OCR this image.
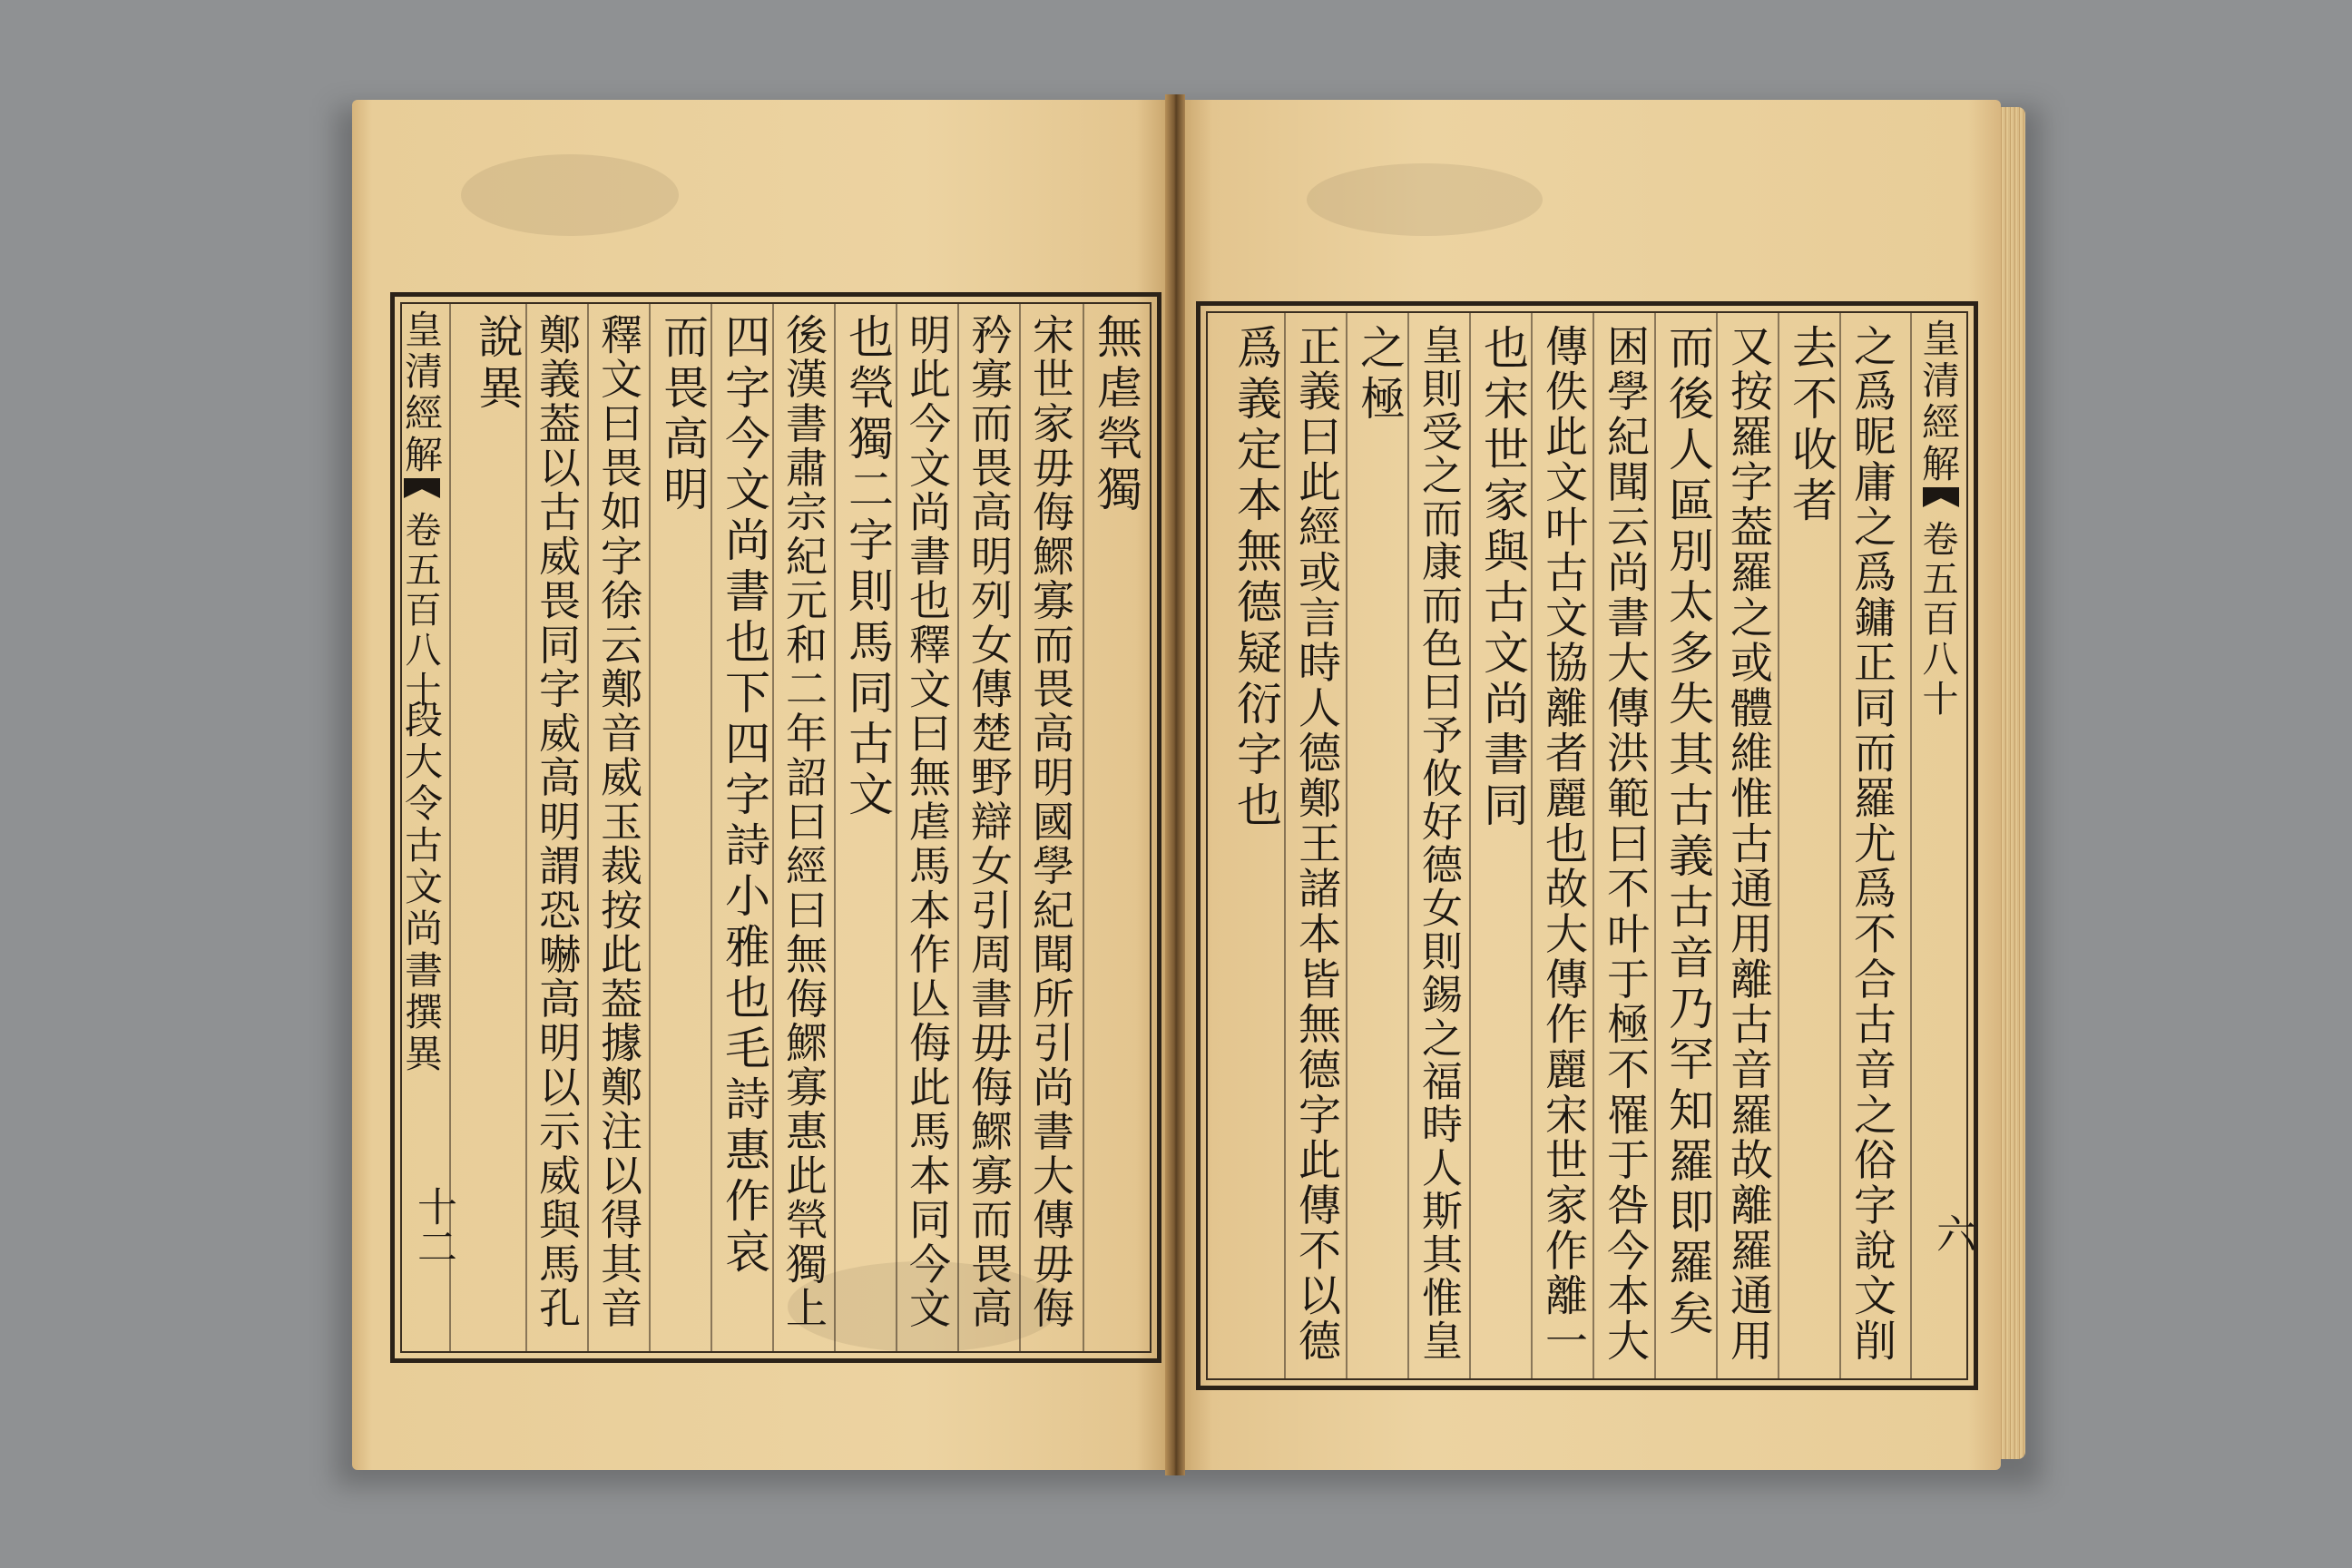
皇清經解
卷五百八十
段大令古文尚書撰異
十二
無虐煢獨
宋世家毋侮鰥寡而畏高明國學紀聞所引尚書大傳毋侮
矜寡而畏高明列女傳楚野辯女引周書毋侮鰥寡而畏高
明此今文尚書也釋文曰無虐馬本作亾侮此馬本同今文
也煢獨二字則馬同古文
後漢書肅宗紀元和二年詔曰經曰無侮鰥寡惠此煢獨上
四字今文尚書也下四字詩小雅也毛詩惠作哀
而畏高明
釋文曰畏如字徐云鄭音威玉裁按此葢據鄭注以得其音
鄭義葢以古威畏同字威高明謂恐嚇高明以示威與馬孔
說異	皇清經解
卷五百八十
六
之爲昵庸之爲鏞正同而羅尤爲不合古音之俗字說文削
去不收者
又按羅字葢羅之或體維惟古通用離古音羅故離羅通用
而後人區別太多失其古義古音乃罕知羅即羅矣
困學紀聞云尚書大傳洪範曰不叶于極不罹于咎今本大
傳佚此文叶古文協離者麗也故大傳作麗宋世家作離一
也宋世家與古文尚書同
皇則受之而康而色曰予攸好德女則錫之福時人斯其惟皇
之極
正義曰此經或言時人德鄭王諸本皆無德字此傳不以德
爲義定本無德疑衍字也
